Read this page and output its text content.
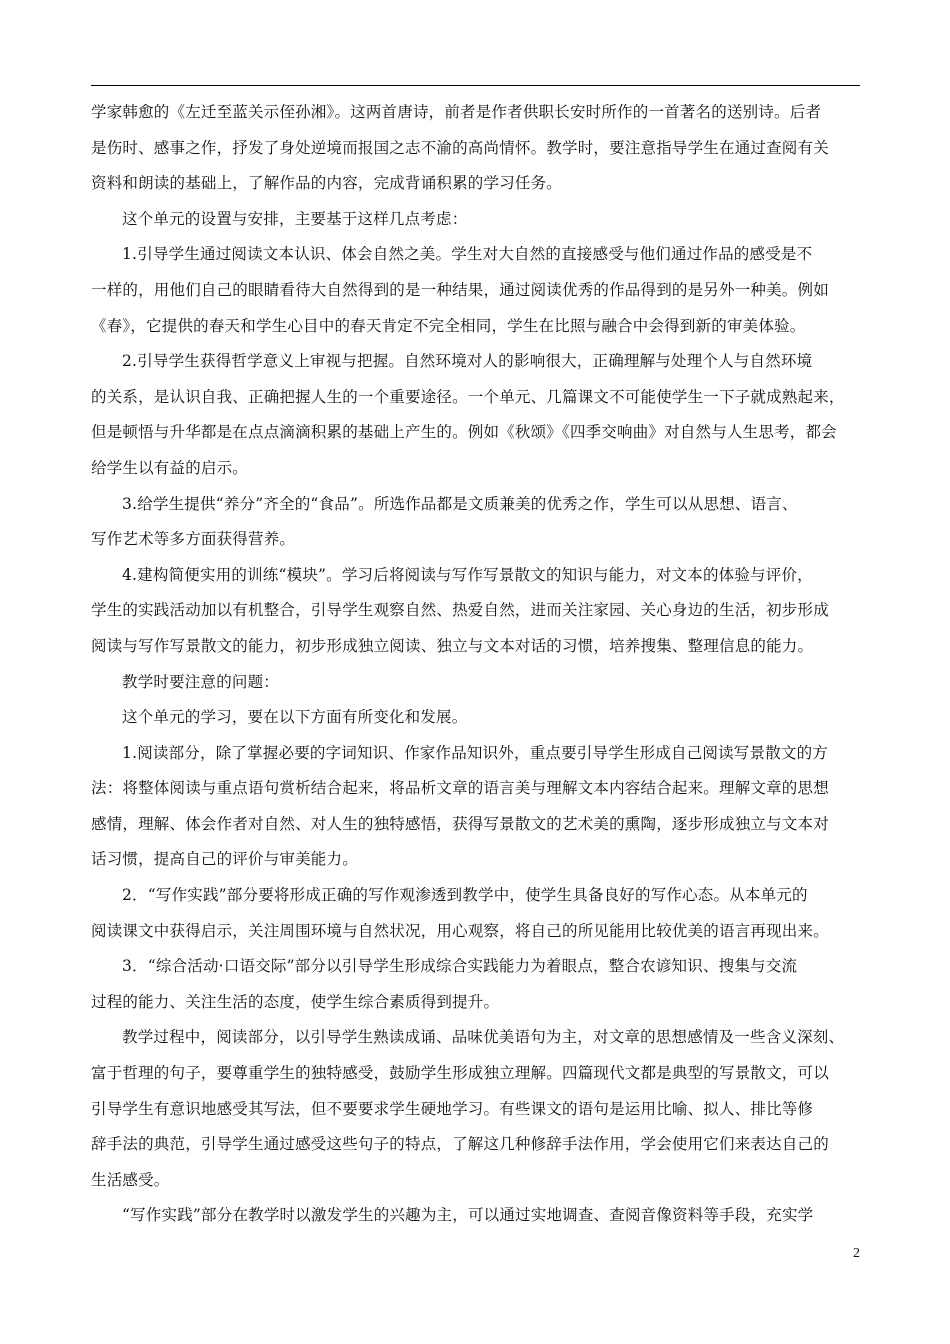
学家韩愈的《左迁至蓝关示侄孙湘》。这两首唐诗，前者是作者供职长安时所作的一首著名的送别诗。后者
是伤时、感事之作，抒发了身处逆境而报国之志不渝的高尚情怀。教学时，要注意指导学生在通过查阅有关
资料和朗读的基础上，了解作品的内容，完成背诵积累的学习任务。
这个单元的设置与安排，主要基于这样几点考虑：
1.引导学生通过阅读文本认识、体会自然之美。学生对大自然的直接感受与他们通过作品的感受是不
一样的，用他们自己的眼睛看待大自然得到的是一种结果，通过阅读优秀的作品得到的是另外一种美。例如
《春》，它提供的春天和学生心目中的春天肯定不完全相同，学生在比照与融合中会得到新的审美体验。
2.引导学生获得哲学意义上审视与把握。自然环境对人的影响很大，正确理解与处理个人与自然环境
的关系，是认识自我、正确把握人生的一个重要途径。一个单元、几篇课文不可能使学生一下子就成熟起来，
但是顿悟与升华都是在点点滴滴积累的基础上产生的。例如《秋颂》《四季交响曲》对自然与人生思考，都会
给学生以有益的启示。
3.给学生提供“养分”齐全的“食品”。所选作品都是文质兼美的优秀之作，学生可以从思想、语言、
写作艺术等多方面获得营养。
4.建构简便实用的训练“模块”。学习后将阅读与写作写景散文的知识与能力，对文本的体验与评价，
学生的实践活动加以有机整合，引导学生观察自然、热爱自然，进而关注家园、关心身边的生活，初步形成
阅读与写作写景散文的能力，初步形成独立阅读、独立与文本对话的习惯，培养搜集、整理信息的能力。
教学时要注意的问题：
这个单元的学习，要在以下方面有所变化和发展。
1.阅读部分，除了掌握必要的字词知识、作家作品知识外，重点要引导学生形成自己阅读写景散文的方
法：将整体阅读与重点语句赏析结合起来，将品析文章的语言美与理解文本内容结合起来。理解文章的思想
感情，理解、体会作者对自然、对人生的独特感悟，获得写景散文的艺术美的熏陶，逐步形成独立与文本对
话习惯，提高自己的评价与审美能力。
2．“写作实践”部分要将形成正确的写作观渗透到教学中，使学生具备良好的写作心态。从本单元的
阅读课文中获得启示，关注周围环境与自然状况，用心观察，将自己的所见能用比较优美的语言再现出来。
3．“综合活动·口语交际”部分以引导学生形成综合实践能力为着眼点，整合农谚知识、搜集与交流
过程的能力、关注生活的态度，使学生综合素质得到提升。
教学过程中，阅读部分，以引导学生熟读成诵、品味优美语句为主，对文章的思想感情及一些含义深刻、
富于哲理的句子，要尊重学生的独特感受，鼓励学生形成独立理解。四篇现代文都是典型的写景散文，可以
引导学生有意识地感受其写法，但不要要求学生硬地学习。有些课文的语句是运用比喻、拟人、排比等修
辞手法的典范，引导学生通过感受这些句子的特点，了解这几种修辞手法作用，学会使用它们来表达自己的
生活感受。
“写作实践”部分在教学时以激发学生的兴趣为主，可以通过实地调查、查阅音像资料等手段，充实学
2
